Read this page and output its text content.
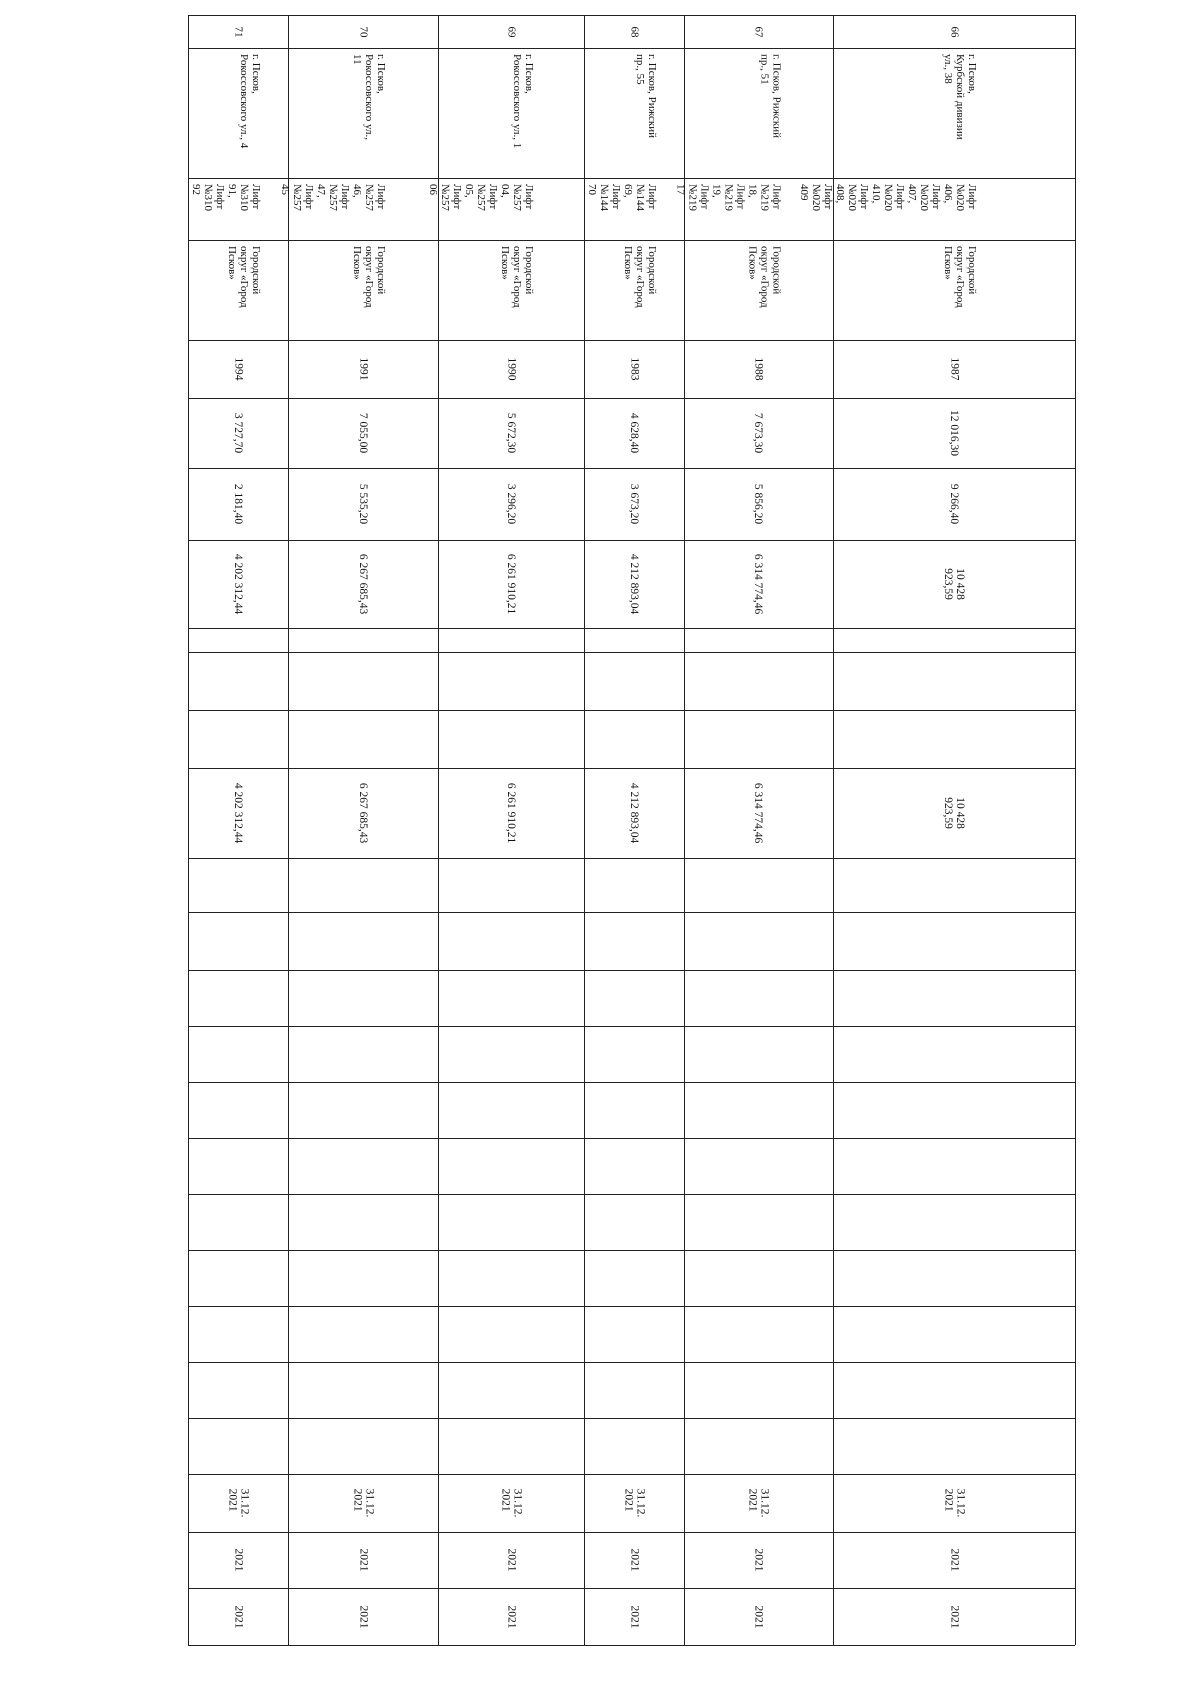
71
г. Псков,
Рокоссовского ул., 4
Лифт
№310
91,
Лифт
№310
92
Городской
округ «Город
Псков»
1994
3 727,70
2 181,40
4 202 312,44
4 202 312,44
31.12.
2021
2021
2021
70
г. Псков,
Рокоссовского ул.,
11
Лифт
№257
46,
Лифт
№257
47,
Лифт
№257
45
Городской
округ «Город
Псков»
1991
7 055,00
5 535,20
6 267 685,43
6 267 685,43
31.12.
2021
2021
2021
69
г. Псков,
Рокоссовского ул., 1
Лифт
№257
04,
Лифт
№257
05,
Лифт
№257
06
Городской
округ «Город
Псков»
1990
5 672,30
3 296,20
6 261 910,21
6 261 910,21
31.12.
2021
2021
2021
68
г. Псков, Рижский
пр., 55
Лифт
№144
69,
Лифт
№144
70
Городской
округ «Город
Псков»
1983
4 628,40
3 673,20
4 212 893,04
4 212 893,04
31.12.
2021
2021
2021
67
г. Псков, Рижский
пр., 51
Лифт
№219
18,
Лифт
№219
19,
Лифт
№219
17
Городской
округ «Город
Псков»
1988
7 673,30
5 856,20
6 314 774,46
6 314 774,46
31.12.
2021
2021
2021
66
г. Псков,
Курбской дивизии
ул., 38
Лифт
№020
406,
Лифт
№020
407,
Лифт
№020
410,
Лифт
№020
408,
Лифт
№020
409
Городской
округ «Город
Псков»
1987
12 016,30
9 266,40
10 428
923,59
10 428
923,59
31.12.
2021
2021
2021
